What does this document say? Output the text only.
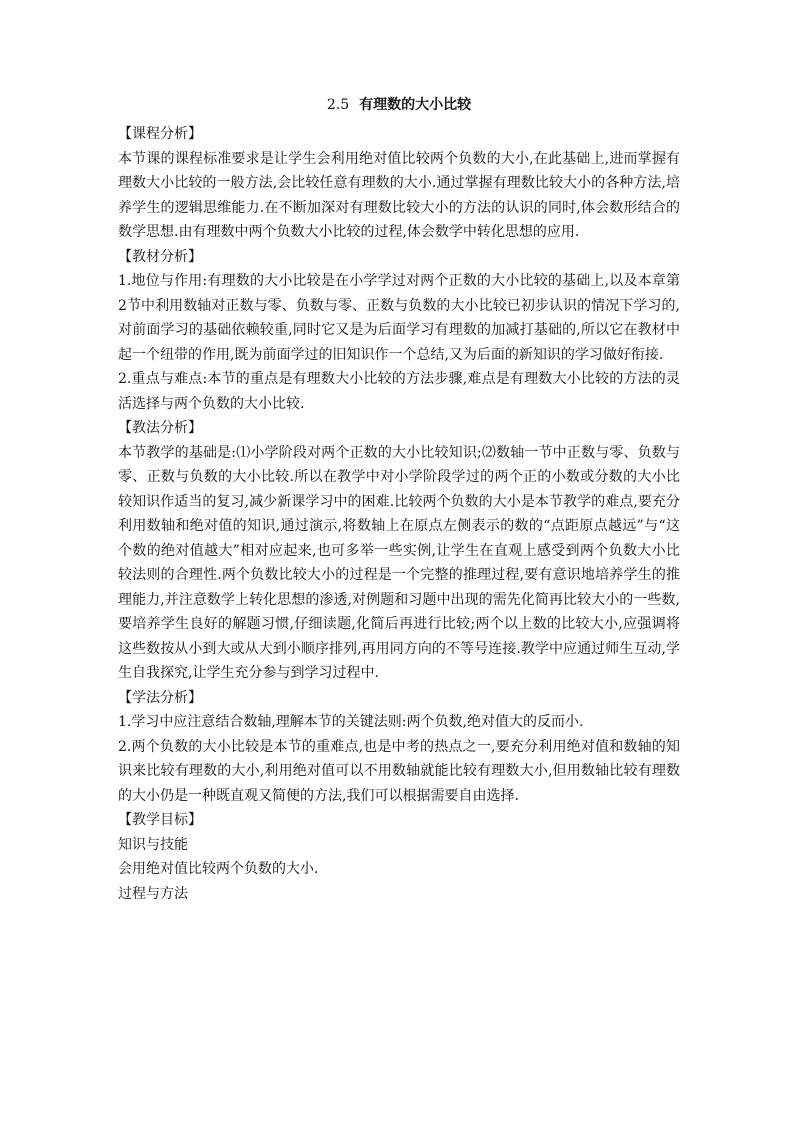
2.5 有理数的大小比较

【课程分析】

本节课的课程标准要求是让学生会利用绝对值比较两个负数的大小,在此基础上,进而掌握有理数大小比较的一般方法,会比较任意有理数的大小.通过掌握有理数比较大小的各种方法,培养学生的逻辑思维能力.在不断加深对有理数比较大小的方法的认识的同时,体会数形结合的数学思想.由有理数中两个负数大小比较的过程,体会数学中转化思想的应用.

【教材分析】

1.地位与作用:有理数的大小比较是在小学学过对两个正数的大小比较的基础上,以及本章第2节中利用数轴对正数与零、负数与零、正数与负数的大小比较已初步认识的情况下学习的,对前面学习的基础依赖较重,同时它又是为后面学习有理数的加减打基础的,所以它在教材中起一个纽带的作用,既为前面学过的旧知识作一个总结,又为后面的新知识的学习做好衔接.

2.重点与难点:本节的重点是有理数大小比较的方法步骤,难点是有理数大小比较的方法的灵活选择与两个负数的大小比较.

【教法分析】

本节教学的基础是:⑴小学阶段对两个正数的大小比较知识;⑵数轴一节中正数与零、负数与零、正数与负数的大小比较.所以在教学中对小学阶段学过的两个正的小数或分数的大小比较知识作适当的复习,减少新课学习中的困难.比较两个负数的大小是本节教学的难点,要充分利用数轴和绝对值的知识,通过演示,将数轴上在原点左侧表示的数的“点距原点越远”与“这个数的绝对值越大”相对应起来,也可多举一些实例,让学生在直观上感受到两个负数大小比较法则的合理性.两个负数比较大小的过程是一个完整的推理过程,要有意识地培养学生的推理能力,并注意数学上转化思想的渗透,对例题和习题中出现的需先化简再比较大小的一些数,要培养学生良好的解题习惯,仔细读题,化简后再进行比较;两个以上数的比较大小,应强调将这些数按从小到大或从大到小顺序排列,再用同方向的不等号连接.教学中应通过师生互动,学生自我探究,让学生充分参与到学习过程中.

【学法分析】

1.学习中应注意结合数轴,理解本节的关键法则:两个负数,绝对值大的反而小.

2.两个负数的大小比较是本节的重难点,也是中考的热点之一,要充分利用绝对值和数轴的知识来比较有理数的大小,利用绝对值可以不用数轴就能比较有理数大小,但用数轴比较有理数的大小仍是一种既直观又简便的方法,我们可以根据需要自由选择.

【教学目标】

知识与技能

会用绝对值比较两个负数的大小.

过程与方法
